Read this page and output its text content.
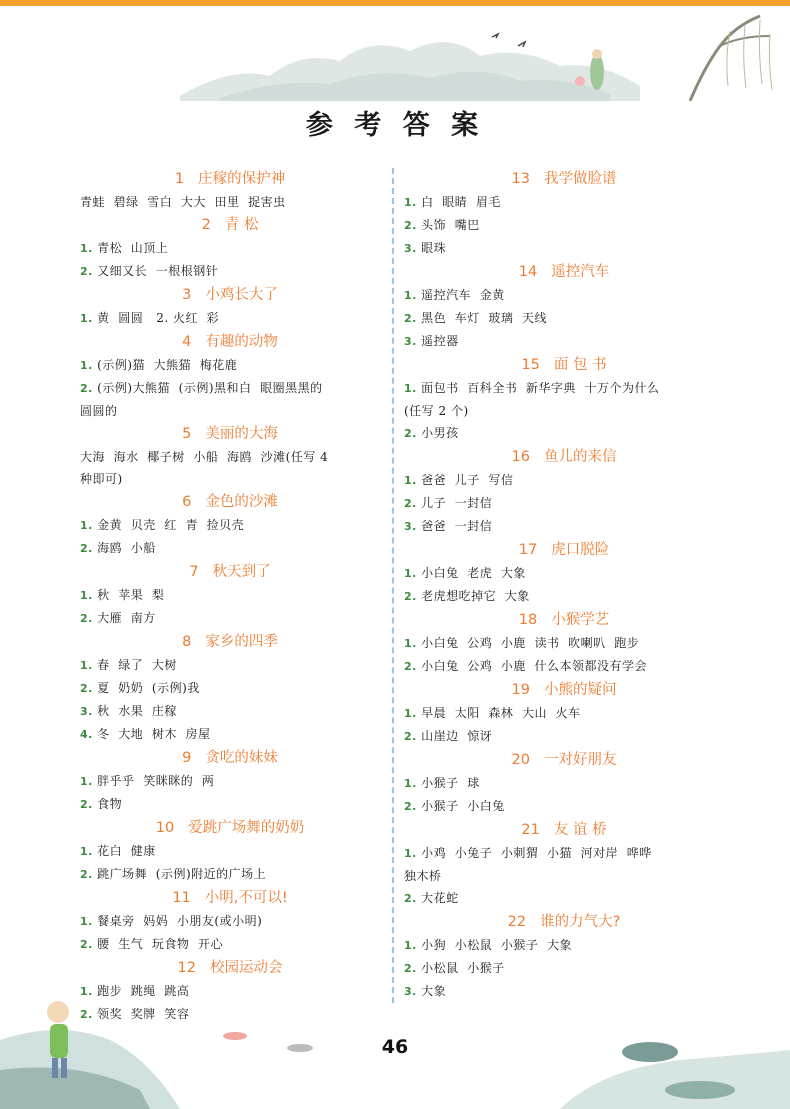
参 考 答 案
1 庄稼的保护神
青蛙  碧绿  雪白  大大  田里  捉害虫
2 青 松
1. 青松  山顶上
2. 又细又长  一根根钢针
3 小鸡长大了
1. 黄  圆圆   2. 火红  彩
4 有趣的动物
1. (示例)猫  大熊猫  梅花鹿
2. (示例)大熊猫  (示例)黑和白  眼圈黑黑的
圆圆的
5 美丽的大海
大海  海水  椰子树  小船  海鸥  沙滩(任写 4
种即可)
6 金色的沙滩
1. 金黄  贝壳  红  青  捡贝壳
2. 海鸥  小船
7 秋天到了
1. 秋  苹果  梨
2. 大雁  南方
8 家乡的四季
1. 春  绿了  大树
2. 夏  奶奶  (示例)我
3. 秋  水果  庄稼
4. 冬  大地  树木  房屋
9 贪吃的妹妹
1. 胖乎乎  笑眯眯的  两
2. 食物
10 爱跳广场舞的奶奶
1. 花白  健康
2. 跳广场舞  (示例)附近的广场上
11 小明,不可以!
1. 餐桌旁  妈妈  小朋友(或小明)
2. 腰  生气  玩食物  开心
12 校园运动会
1. 跑步  跳绳  跳高
2. 领奖  奖牌  笑容
13 我学做脸谱
1. 白  眼睛  眉毛
2. 头饰  嘴巴
3. 眼珠
14 遥控汽车
1. 遥控汽车  金黄
2. 黑色  车灯  玻璃  天线
3. 遥控器
15 面 包 书
1. 面包书  百科全书  新华字典  十万个为什么
(任写 2 个)
2. 小男孩
16 鱼儿的来信
1. 爸爸  儿子  写信
2. 儿子  一封信
3. 爸爸  一封信
17 虎口脱险
1. 小白兔  老虎  大象
2. 老虎想吃掉它  大象
18 小猴学艺
1. 小白兔  公鸡  小鹿  读书  吹喇叭  跑步
2. 小白兔  公鸡  小鹿  什么本领都没有学会
19 小熊的疑问
1. 早晨  太阳  森林  大山  火车
2. 山崖边  惊讶
20 一对好朋友
1. 小猴子  球
2. 小猴子  小白兔
21 友 谊 桥
1. 小鸡  小兔子  小刺猬  小猫  河对岸  哗哗
独木桥
2. 大花蛇
22 谁的力气大?
1. 小狗  小松鼠  小猴子  大象
2. 小松鼠  小猴子
3. 大象
46
